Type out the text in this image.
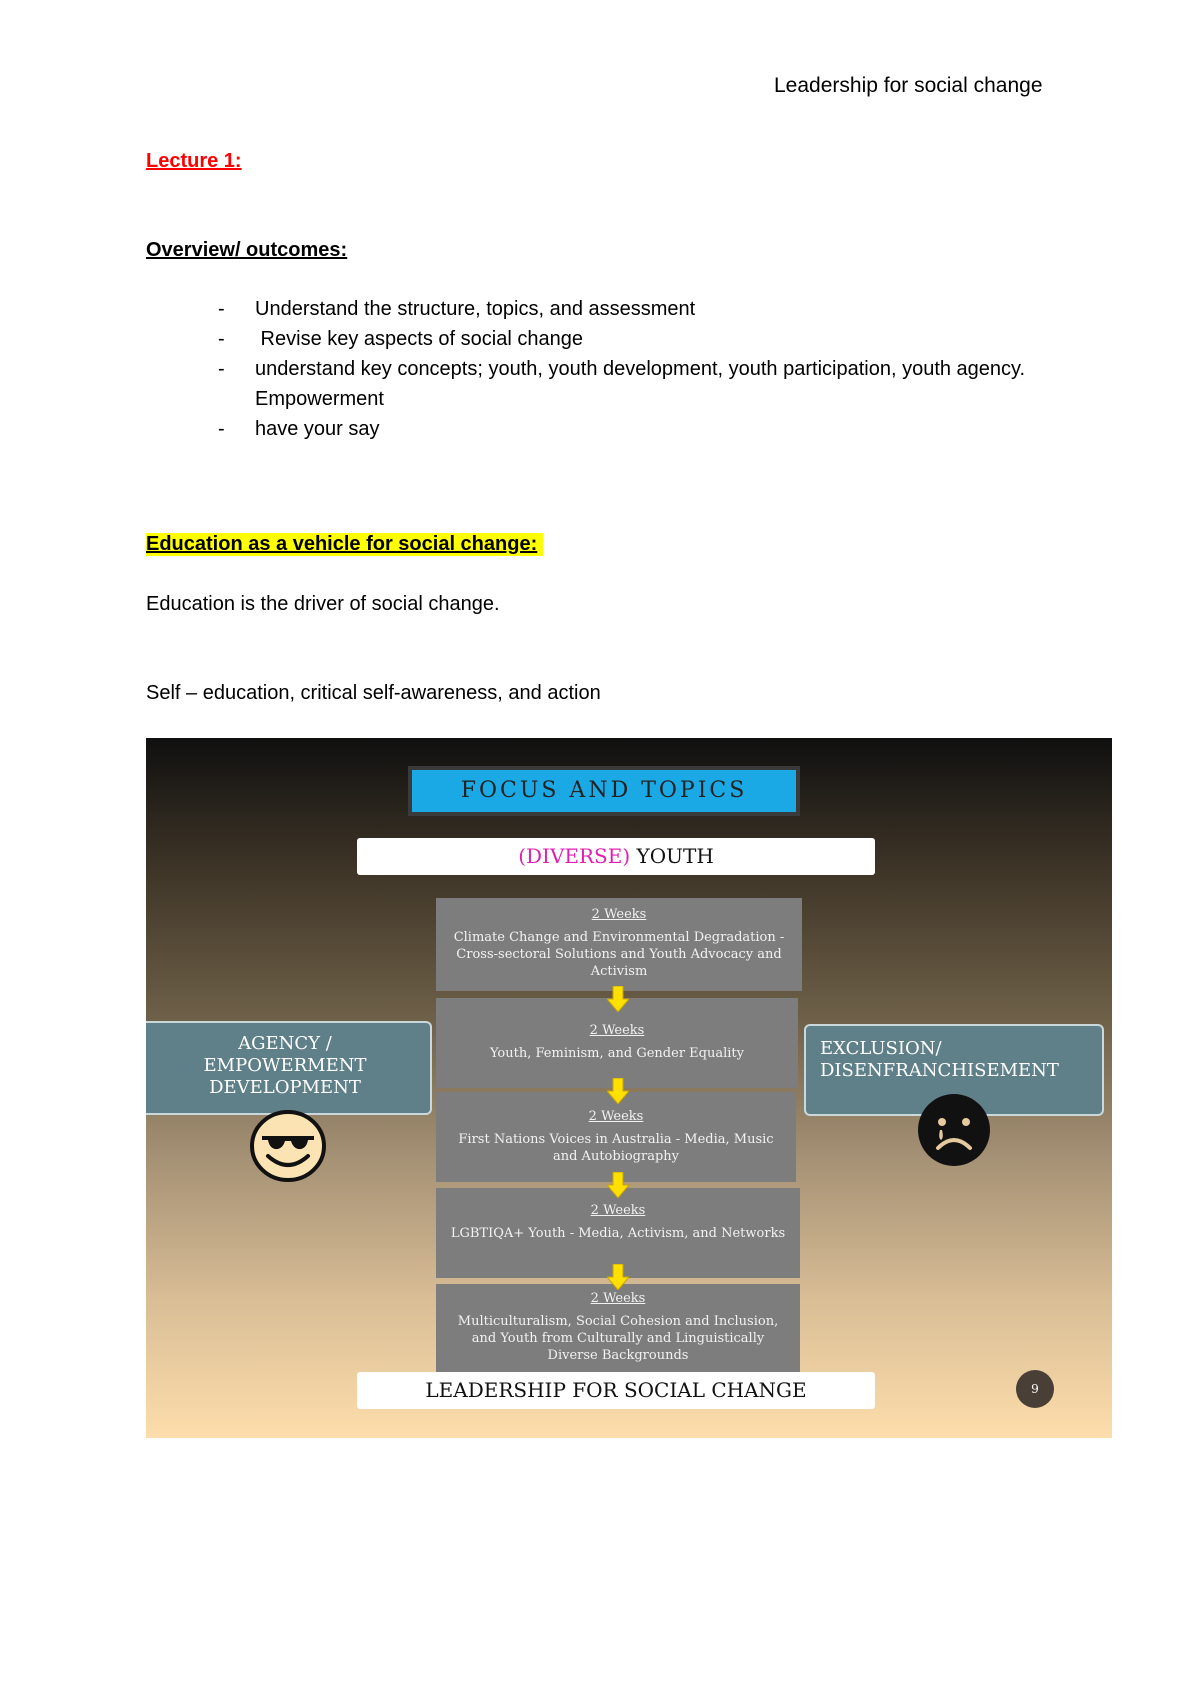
Leadership for social change
Lecture 1:
Overview/ outcomes:
- Understand the structure, topics, and assessment
-  Revise key aspects of social change
- understand key concepts; youth, youth development, youth participation, youth agency. Empowerment
- have your say
Education as a vehicle for social change:
Education is the driver of social change.
Self – education, critical self-awareness, and action
FOCUS AND TOPICS
(DIVERSE) YOUTH
2 Weeks
Climate Change and Environmental Degradation - Cross-sectoral Solutions and Youth Advocacy and Activism
2 Weeks
Youth, Feminism, and Gender Equality
2 Weeks
First Nations Voices in Australia - Media, Music and Autobiography
2 Weeks
LGBTIQA+ Youth - Media, Activism, and Networks
2 Weeks
Multiculturalism, Social Cohesion and Inclusion, and Youth from Culturally and Linguistically Diverse Backgrounds
AGENCY /
EMPOWERMENT
DEVELOPMENT
EXCLUSION/
DISENFRANCHISEMENT
LEADERSHIP FOR SOCIAL CHANGE	9
